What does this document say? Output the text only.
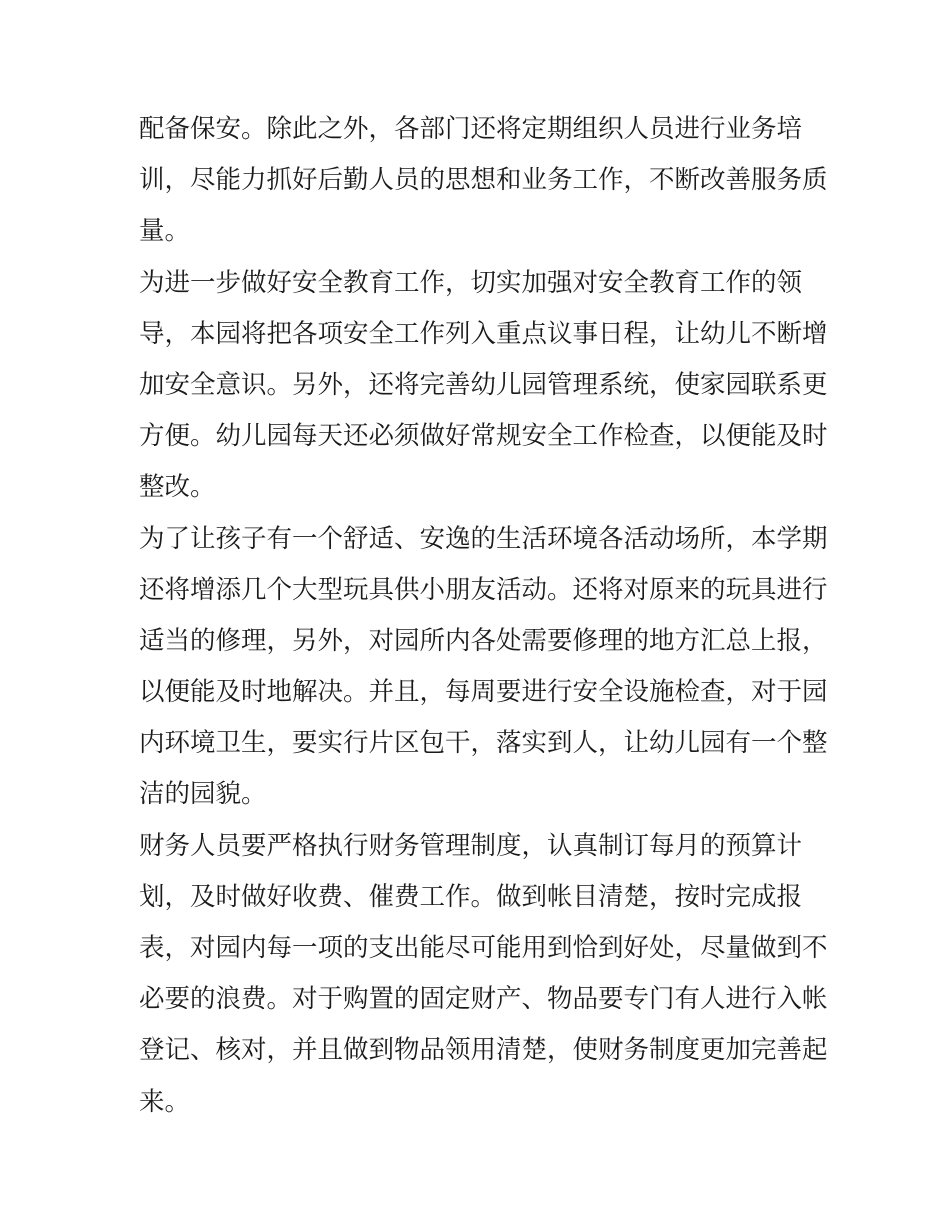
配备保安。除此之外，各部门还将定期组织人员进行业务培
训，尽能力抓好后勤人员的思想和业务工作，不断改善服务质
量。
为进一步做好安全教育工作，切实加强对安全教育工作的领
导，本园将把各项安全工作列入重点议事日程，让幼儿不断增
加安全意识。另外，还将完善幼儿园管理系统，使家园联系更
方便。幼儿园每天还必须做好常规安全工作检查，以便能及时
整改。
为了让孩子有一个舒适、安逸的生活环境各活动场所，本学期
还将增添几个大型玩具供小朋友活动。还将对原来的玩具进行
适当的修理，另外，对园所内各处需要修理的地方汇总上报，
以便能及时地解决。并且，每周要进行安全设施检查，对于园
内环境卫生，要实行片区包干，落实到人，让幼儿园有一个整
洁的园貌。
财务人员要严格执行财务管理制度，认真制订每月的预算计
划，及时做好收费、催费工作。做到帐目清楚，按时完成报
表，对园内每一项的支出能尽可能用到恰到好处，尽量做到不
必要的浪费。对于购置的固定财产、物品要专门有人进行入帐
登记、核对，并且做到物品领用清楚，使财务制度更加完善起
来。
